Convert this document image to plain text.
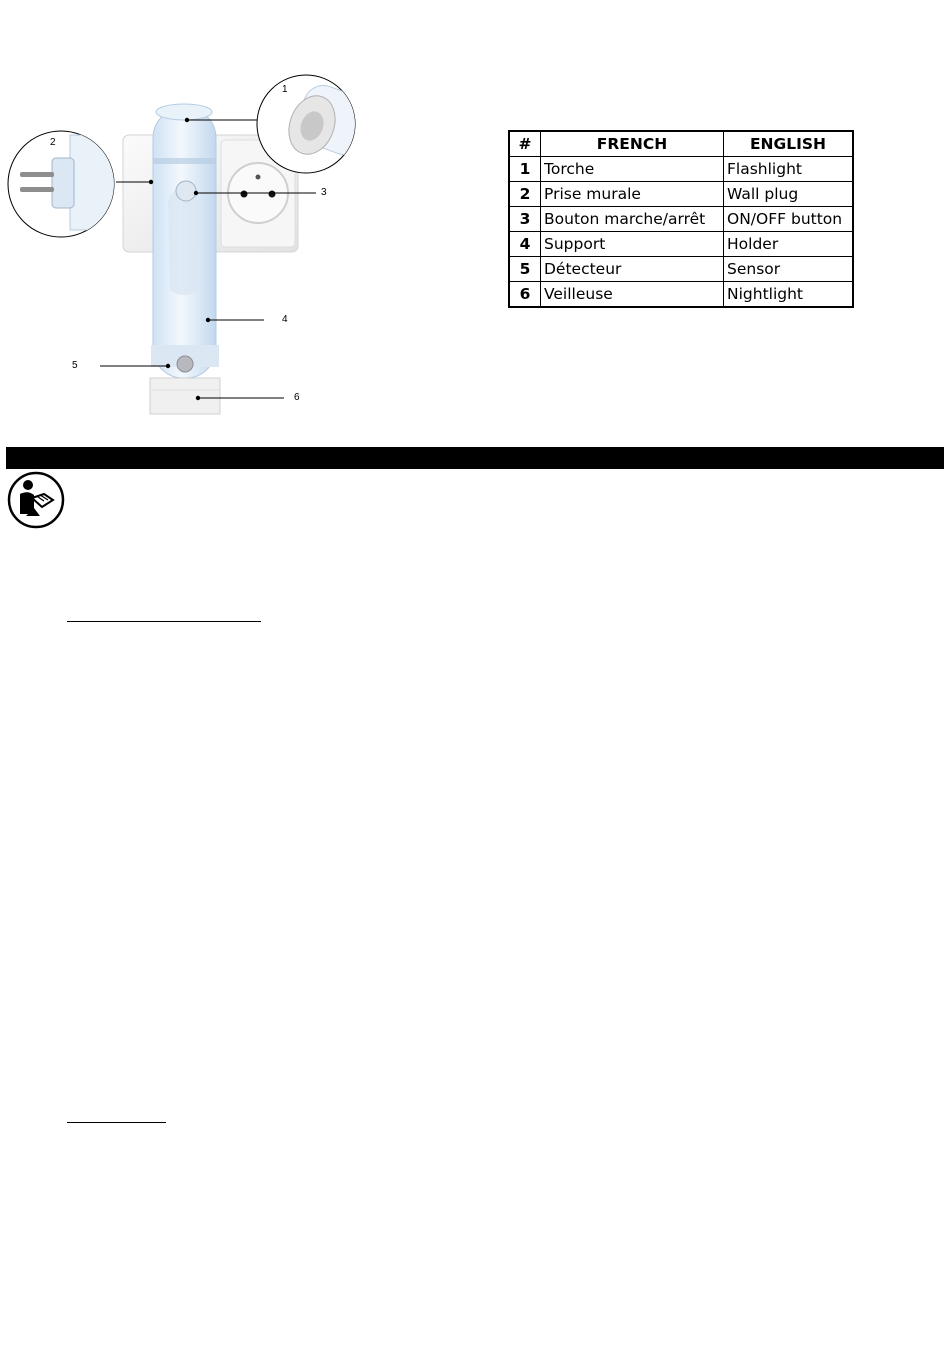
1
2
3
4
5
6
#	FRENCH	ENGLISH
1	Torche	Flashlight
2	Prise murale	Wall plug
3	Bouton marche/arrêt	ON/OFF button
4	Support	Holder
5	Détecteur	Sensor
6	Veilleuse	Nightlight
